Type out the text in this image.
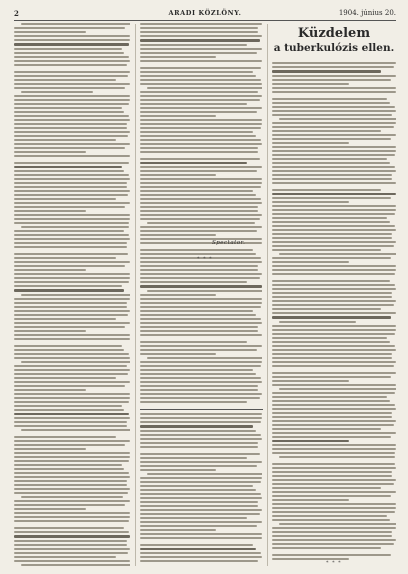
2	ARADI KÖZLÖNY.	1904. június 20.
Spectator.
* * *
Küzdelem
a tuberkulózis ellen.
* * *
